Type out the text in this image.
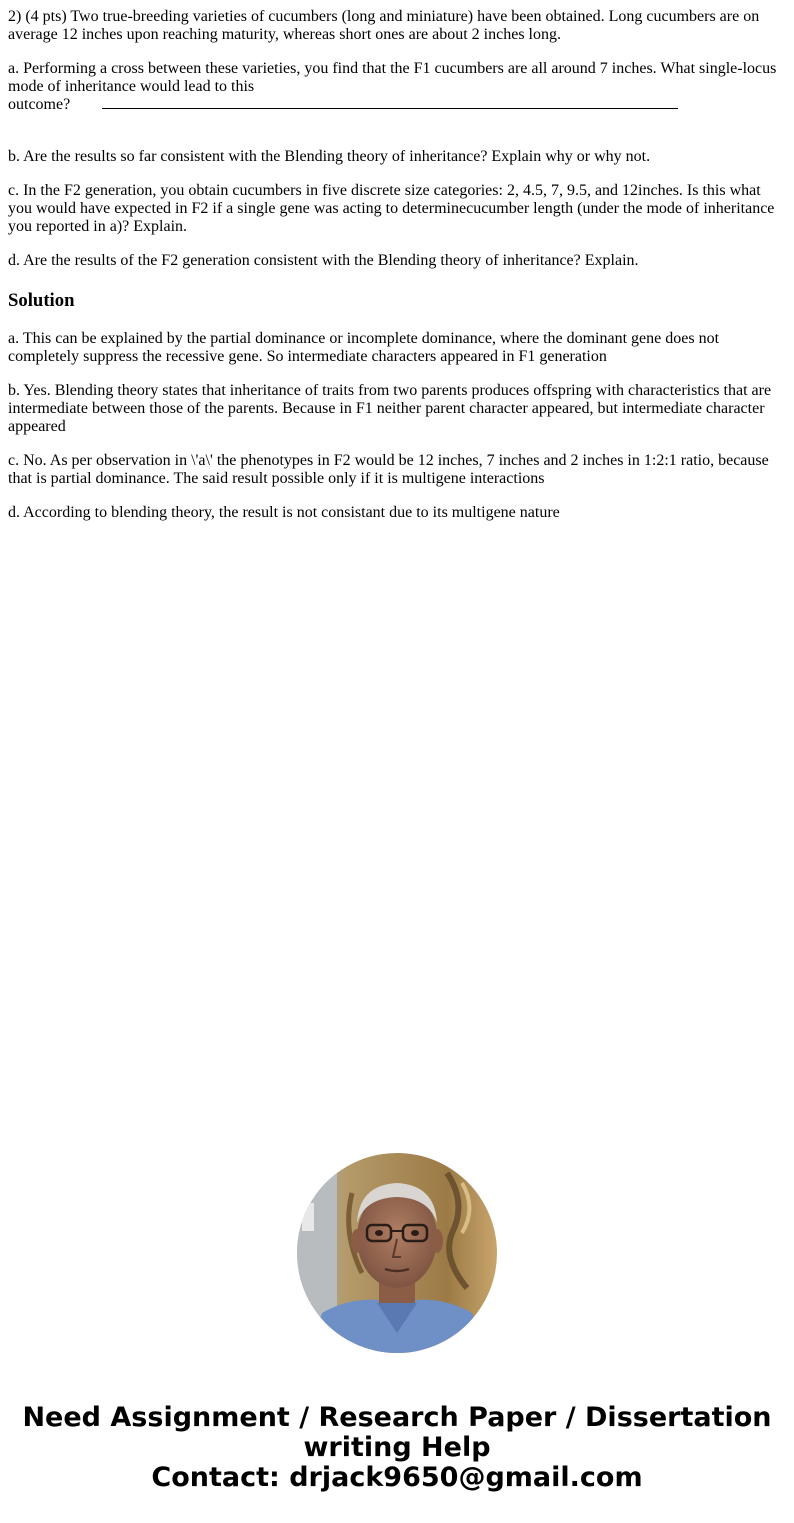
2) (4 pts) Two true-breeding varieties of cucumbers (long and miniature) have been obtained. Long cucumbers are on average 12 inches upon reaching maturity, whereas short ones are about 2 inches long.

a. Performing a cross between these varieties, you find that the F1 cucumbers are all around 7 inches. What single-locus mode of inheritance would lead to this
outcome?

b. Are the results so far consistent with the Blending theory of inheritance? Explain why or why not.

c. In the F2 generation, you obtain cucumbers in five discrete size categories: 2, 4.5, 7, 9.5, and 12inches. Is this what you would have expected in F2 if a single gene was acting to determinecucumber length (under the mode of inheritance you reported in a)? Explain.

d. Are the results of the F2 generation consistent with the Blending theory of inheritance? Explain.

Solution

a. This can be explained by the partial dominance or incomplete dominance, where the dominant gene does not completely suppress the recessive gene. So intermediate characters appeared in F1 generation

b. Yes. Blending theory states that inheritance of traits from two parents produces offspring with characteristics that are intermediate between those of the parents. Because in F1 neither parent character appeared, but intermediate character appeared

c. No. As per observation in \'a\' the phenotypes in F2 would be 12 inches, 7 inches and 2 inches in 1:2:1 ratio, because that is partial dominance. The said result possible only if it is multigene interactions

d. According to blending theory, the result is not consistant due to its multigene nature

Need Assignment / Research Paper / Dissertation
writing Help
Contact: drjack9650@gmail.com
